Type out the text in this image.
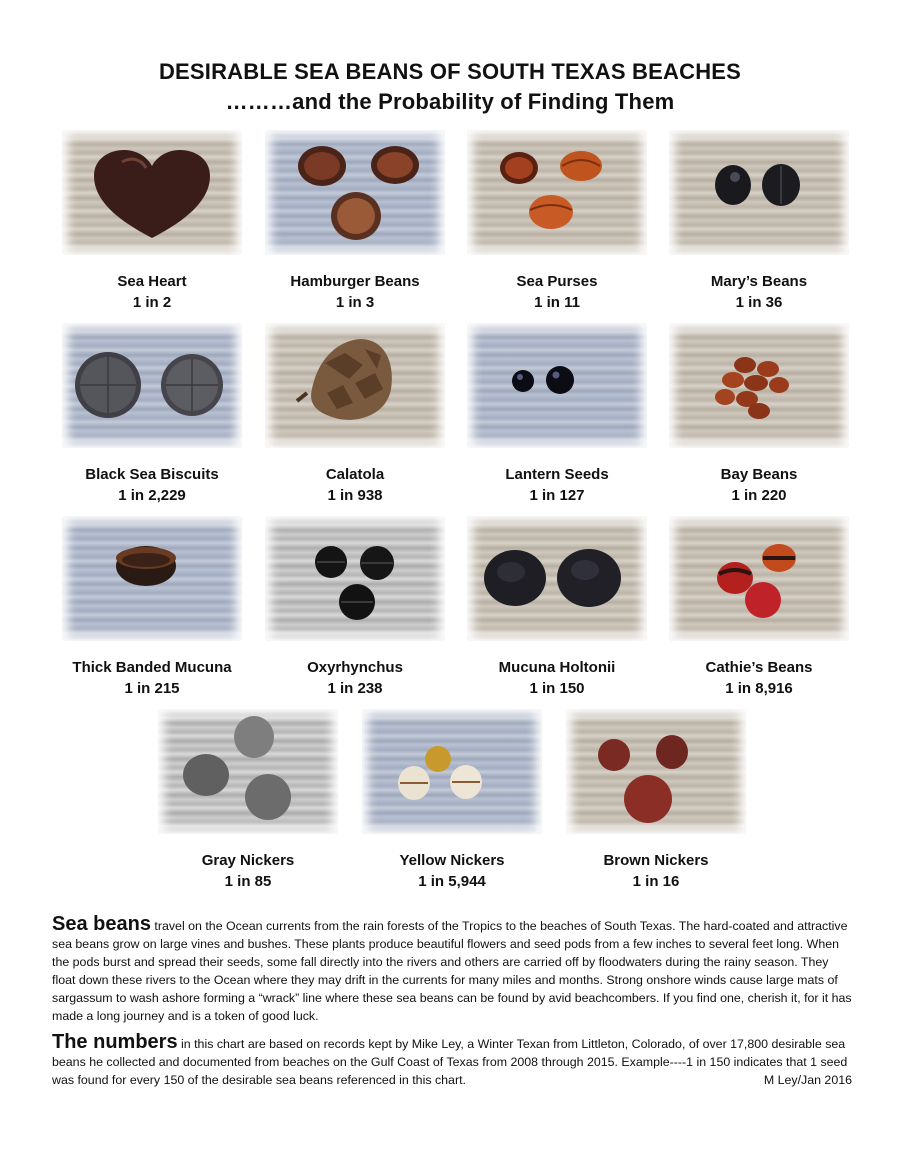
DESIRABLE SEA BEANS OF SOUTH TEXAS BEACHES
………and the Probability of Finding Them
Sea Heart
1 in 2
Hamburger Beans
1 in 3
Sea Purses
1 in 11
Mary’s Beans
1 in 36
Black Sea Biscuits
1 in 2,229
Calatola
1 in 938
Lantern Seeds
1 in 127
Bay Beans
1 in 220
Thick Banded Mucuna
1 in 215
Oxyrhynchus
1 in 238
Mucuna Holtonii
1 in 150
Cathie’s Beans
1 in 8,916
Gray Nickers
1 in 85
Yellow Nickers
1 in 5,944
Brown Nickers
1 in 16
Sea beans travel on the Ocean currents from the rain forests of the Tropics to the beaches of South Texas. The hard-coated and attractive sea beans grow on large vines and bushes. These plants produce beautiful flowers and seed pods from a few inches to several feet long. When the pods burst and spread their seeds, some fall directly into the rivers and others are carried off by floodwaters during the rainy season. They float down these rivers to the Ocean where they may drift in the currents for many miles and months. Strong onshore winds cause large mats of sargassum to wash ashore forming a “wrack” line where these sea beans can be found by avid beachcombers. If you find one, cherish it, for it has made a long journey and is a token of good luck.
The numbers in this chart are based on records kept by Mike Ley, a Winter Texan from Littleton, Colorado, of over 17,800 desirable sea beans he collected and documented from beaches on the Gulf Coast of Texas from 2008 through 2015. Example----1 in 150 indicates that 1 seed was found for every 150 of the desirable sea beans referenced in this chart.	M Ley/Jan 2016
